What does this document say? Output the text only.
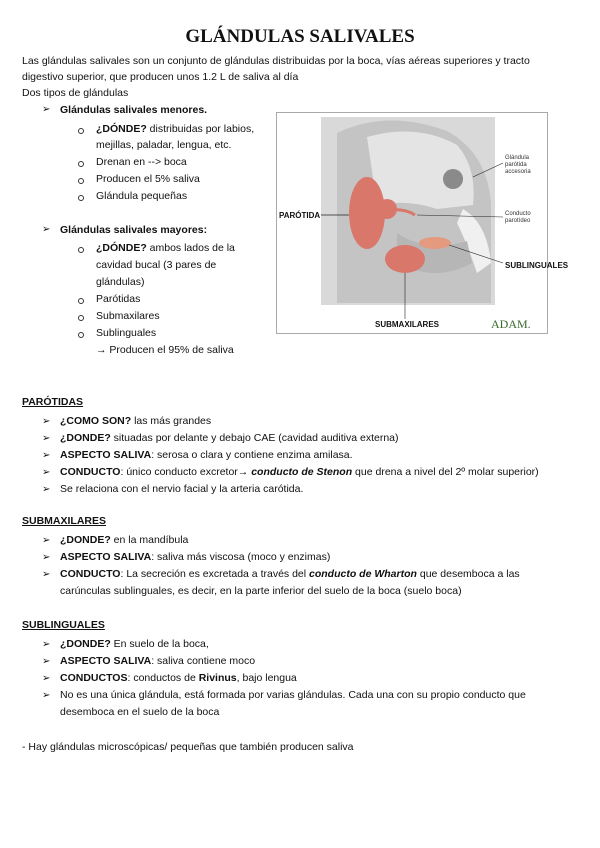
GLÁNDULAS SALIVALES
Las glándulas salivales son un conjunto de glándulas distribuidas por la boca, vías aéreas superiores y tracto
digestivo superior, que producen unos 1.2 L de saliva al día
Dos tipos de glándulas
➢ Glándulas salivales menores.
¿DÓNDE? distribuidas por labios,
mejillas, paladar, lengua, etc.
Drenan en --> boca
Producen el 5% saliva
Glándula pequeñas
➢ Glándulas salivales mayores:
¿DÓNDE? ambos lados de la
cavidad bucal (3 pares de
glándulas)
Parótidas
Submaxilares
Sublinguales
→ Producen el 95% de saliva
PARÓTIDA
SUBLINGUALES
SUBMAXILARES
Glándula parótida accesoria
Conducto parotídeo
ADAM.
PARÓTIDAS
➢ ¿COMO SON? las más grandes
➢ ¿DONDE? situadas por delante y debajo CAE (cavidad auditiva externa)
➢ ASPECTO SALIVA: serosa o clara y contiene enzima amilasa.
➢ CONDUCTO: único conducto excretor→ conducto de Stenon que drena a nivel del 2º molar superior)
➢ Se relaciona con el nervio facial y la arteria carótida.
SUBMAXILARES
➢ ¿DONDE? en la mandíbula
➢ ASPECTO SALIVA: saliva más viscosa (moco y enzimas)
➢ CONDUCTO: La secreción es excretada a través del conducto de Wharton que desemboca a las
carúnculas sublinguales, es decir, en la parte inferior del suelo de la boca (suelo boca)
SUBLINGUALES
➢ ¿DONDE? En suelo de la boca,
➢ ASPECTO SALIVA: saliva contiene moco
➢ CONDUCTOS: conductos de Rivinus, bajo lengua
➢ No es una única glándula, está formada por varias glándulas. Cada una con su propio conducto que
desemboca en el suelo de la boca
- Hay glándulas microscópicas/ pequeñas que también producen saliva
